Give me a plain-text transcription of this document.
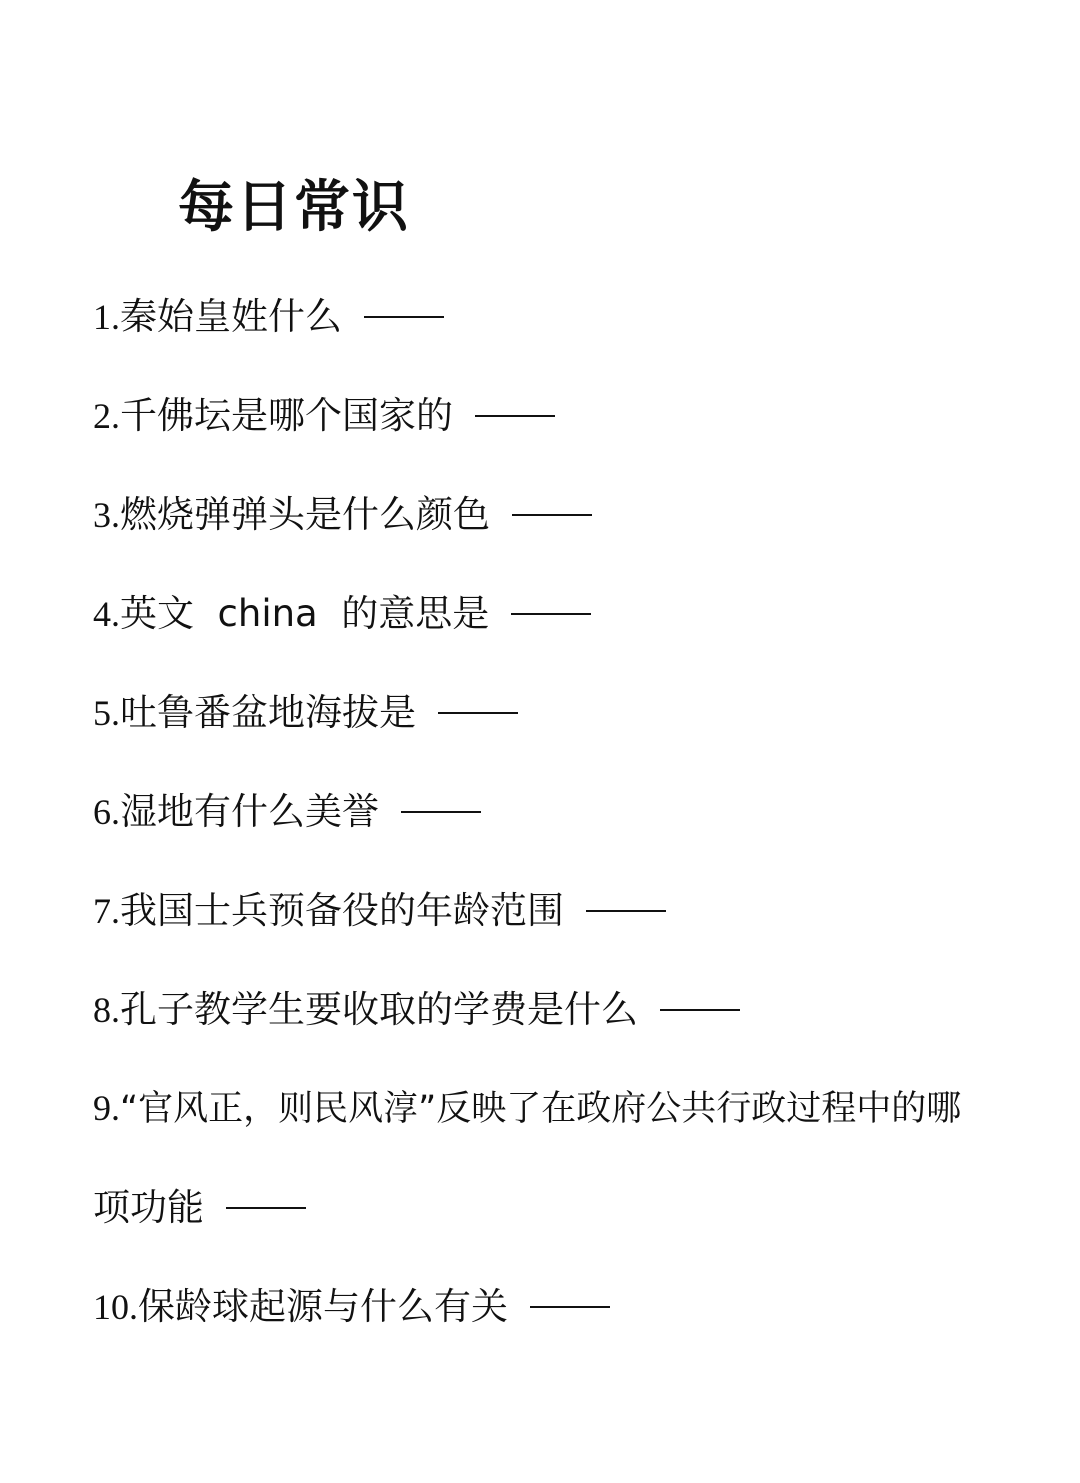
每日常识
1.秦始皇姓什么
2.千佛坛是哪个国家的
3.燃烧弹弹头是什么颜色
4.英文  china  的意思是
5.吐鲁番盆地海拔是
6.湿地有什么美誉
7.我国士兵预备役的年龄范围
8.孔子教学生要收取的学费是什么
9.“官风正，则民风淳”反映了在政府公共行政过程中的哪
项功能
10.保龄球起源与什么有关
